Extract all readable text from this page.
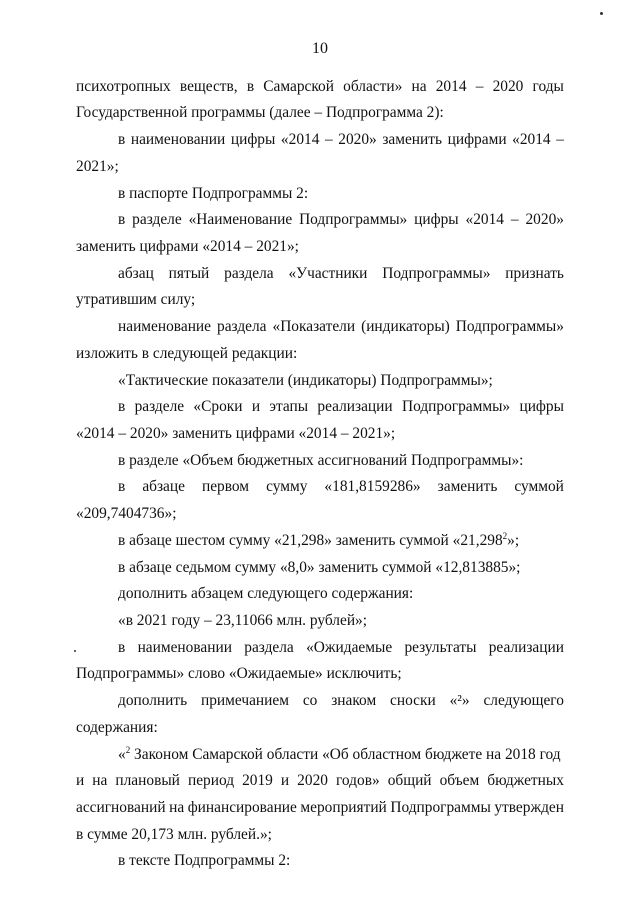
10
психотропных веществ, в Самарской области» на 2014 – 2020 годы
Государственной программы (далее – Подпрограмма 2):
в наименовании цифры «2014 – 2020» заменить цифрами «2014 –
2021»;
в паспорте Подпрограммы 2:
в разделе «Наименование Подпрограммы» цифры «2014 – 2020»
заменить цифрами «2014 – 2021»;
абзац пятый раздела «Участники Подпрограммы» признать
утратившим силу;
наименование раздела «Показатели (индикаторы) Подпрограммы»
изложить в следующей редакции:
«Тактические показатели (индикаторы) Подпрограммы»;
в разделе «Сроки и этапы реализации Подпрограммы» цифры
«2014 – 2020» заменить цифрами «2014 – 2021»;
в разделе «Объем бюджетных ассигнований Подпрограммы»:
в абзаце первом сумму «181,8159286» заменить суммой
«209,7404736»;
в абзаце шестом сумму «21,298» заменить суммой «21,298$^2$»;
в абзаце седьмом сумму «8,0» заменить суммой «12,813885»;
дополнить абзацем следующего содержания:
«в 2021 году – 23,11066 млн. рублей»;
в наименовании раздела «Ожидаемые результаты реализации
Подпрограммы» слово «Ожидаемые» исключить;
дополнить примечанием со знаком сноски «²» следующего
содержания:
«$^2$ Законом Самарской области «Об областном бюджете на 2018 год
и на плановый период 2019 и 2020 годов» общий объем бюджетных
ассигнований на финансирование мероприятий Подпрограммы утвержден
в сумме 20,173 млн. рублей.»;
в тексте Подпрограммы 2:
